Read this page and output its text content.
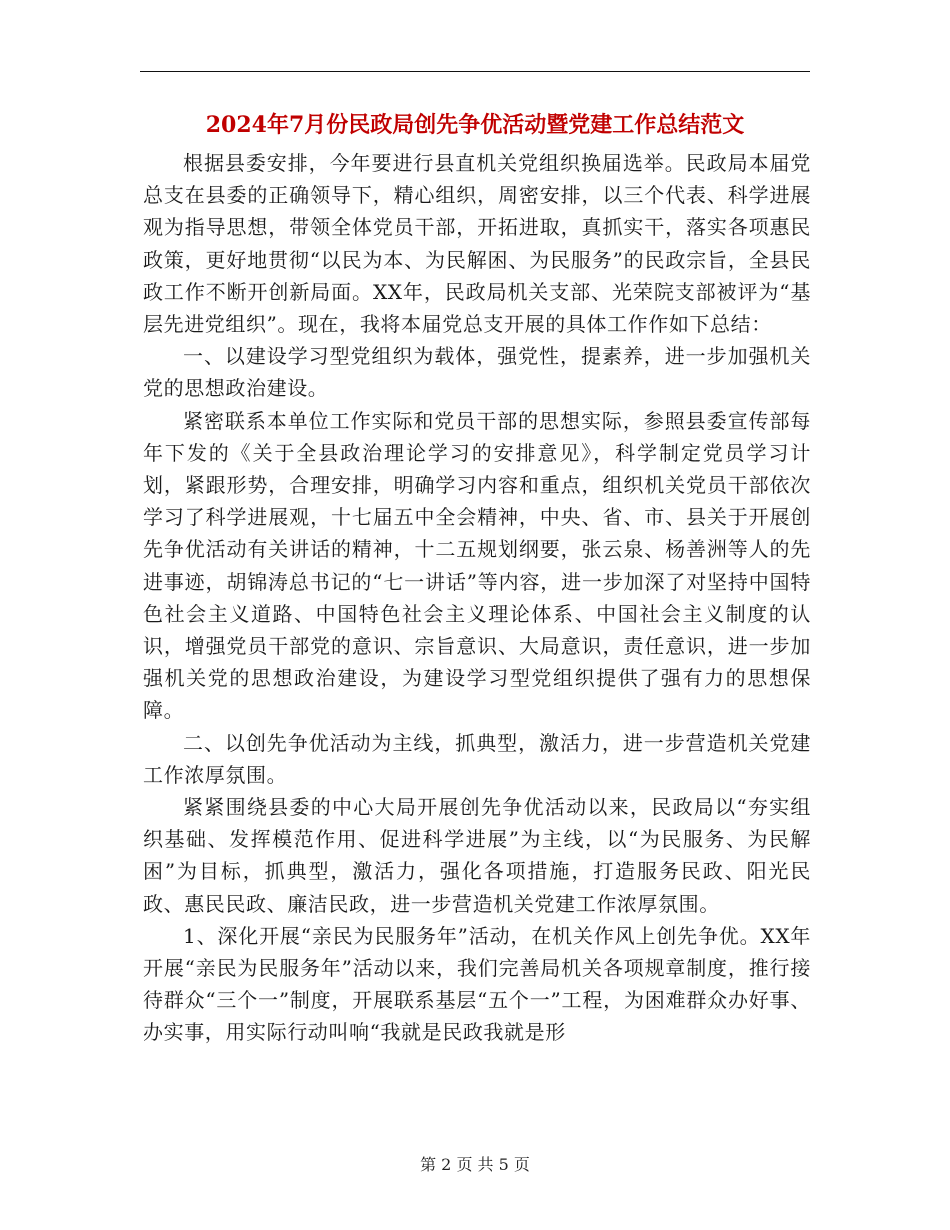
2024年7月份民政局创先争优活动暨党建工作总结范文

根据县委安排，今年要进行县直机关党组织换届选举。民政局本届党总支在县委的正确领导下，精心组织，周密安排，以三个代表、科学进展观为指导思想，带领全体党员干部，开拓进取，真抓实干，落实各项惠民政策，更好地贯彻“以民为本、为民解困、为民服务”的民政宗旨，全县民政工作不断开创新局面。XX年，民政局机关支部、光荣院支部被评为“基层先进党组织”。现在，我将本届党总支开展的具体工作作如下总结：

一、以建设学习型党组织为载体，强党性，提素养，进一步加强机关党的思想政治建设。

紧密联系本单位工作实际和党员干部的思想实际，参照县委宣传部每年下发的《关于全县政治理论学习的安排意见》，科学制定党员学习计划，紧跟形势，合理安排，明确学习内容和重点，组织机关党员干部依次学习了科学进展观，十七届五中全会精神，中央、省、市、县关于开展创先争优活动有关讲话的精神，十二五规划纲要，张云泉、杨善洲等人的先进事迹，胡锦涛总书记的“七一讲话”等内容，进一步加深了对坚持中国特色社会主义道路、中国特色社会主义理论体系、中国社会主义制度的认识，增强党员干部党的意识、宗旨意识、大局意识，责任意识，进一步加强机关党的思想政治建设，为建设学习型党组织提供了强有力的思想保障。

二、以创先争优活动为主线，抓典型，激活力，进一步营造机关党建工作浓厚氛围。

紧紧围绕县委的中心大局开展创先争优活动以来，民政局以“夯实组织基础、发挥模范作用、促进科学进展”为主线，以“为民服务、为民解困”为目标，抓典型，激活力，强化各项措施，打造服务民政、阳光民政、惠民民政、廉洁民政，进一步营造机关党建工作浓厚氛围。

1、深化开展“亲民为民服务年”活动，在机关作风上创先争优。XX年开展“亲民为民服务年”活动以来，我们完善局机关各项规章制度，推行接待群众“三个一”制度，开展联系基层“五个一”工程，为困难群众办好事、办实事，用实际行动叫响“我就是民政我就是形

第 2 页 共 5 页
